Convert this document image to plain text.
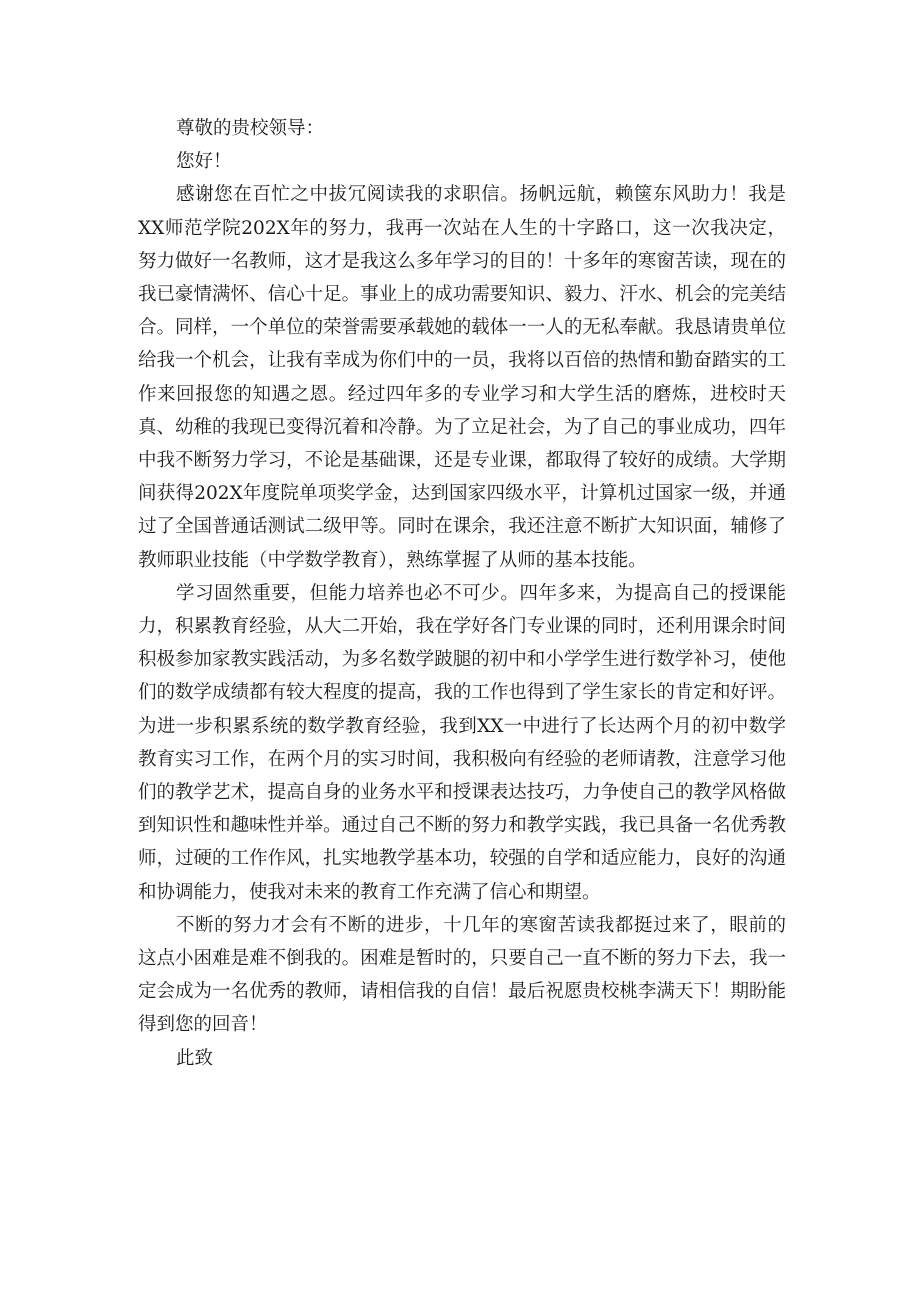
尊敬的贵校领导：

您好！

感谢您在百忙之中拔冗阅读我的求职信。扬帆远航，赖箧东风助力！我是XX师范学院202X年的努力，我再一次站在人生的十字路口，这一次我决定，努力做好一名教师，这才是我这么多年学习的目的！十多年的寒窗苦读，现在的我已豪情满怀、信心十足。事业上的成功需要知识、毅力、汗水、机会的完美结合。同样，一个单位的荣誉需要承载她的载体一一人的无私奉献。我恳请贵单位给我一个机会，让我有幸成为你们中的一员，我将以百倍的热情和勤奋踏实的工作来回报您的知遇之恩。经过四年多的专业学习和大学生活的磨炼，进校时天真、幼稚的我现已变得沉着和冷静。为了立足社会，为了自己的事业成功，四年中我不断努力学习，不论是基础课，还是专业课，都取得了较好的成绩。大学期间获得202X年度院单项奖学金，达到国家四级水平，计算机过国家一级，并通过了全国普通话测试二级甲等。同时在课余，我还注意不断扩大知识面，辅修了教师职业技能（中学数学教育），熟练掌握了从师的基本技能。

学习固然重要，但能力培养也必不可少。四年多来，为提高自己的授课能力，积累教育经验，从大二开始，我在学好各门专业课的同时，还利用课余时间积极参加家教实践活动，为多名数学跛腿的初中和小学学生进行数学补习，使他们的数学成绩都有较大程度的提高，我的工作也得到了学生家长的肯定和好评。为进一步积累系统的数学教育经验，我到XX一中进行了长达两个月的初中数学教育实习工作，在两个月的实习时间，我积极向有经验的老师请教，注意学习他们的教学艺术，提高自身的业务水平和授课表达技巧，力争使自己的教学风格做到知识性和趣味性并举。通过自己不断的努力和教学实践，我已具备一名优秀教师，过硬的工作作风，扎实地教学基本功，较强的自学和适应能力，良好的沟通和协调能力，使我对未来的教育工作充满了信心和期望。

不断的努力才会有不断的进步，十几年的寒窗苦读我都挺过来了，眼前的这点小困难是难不倒我的。困难是暂时的，只要自己一直不断的努力下去，我一定会成为一名优秀的教师，请相信我的自信！最后祝愿贵校桃李满天下！期盼能得到您的回音！

此致
